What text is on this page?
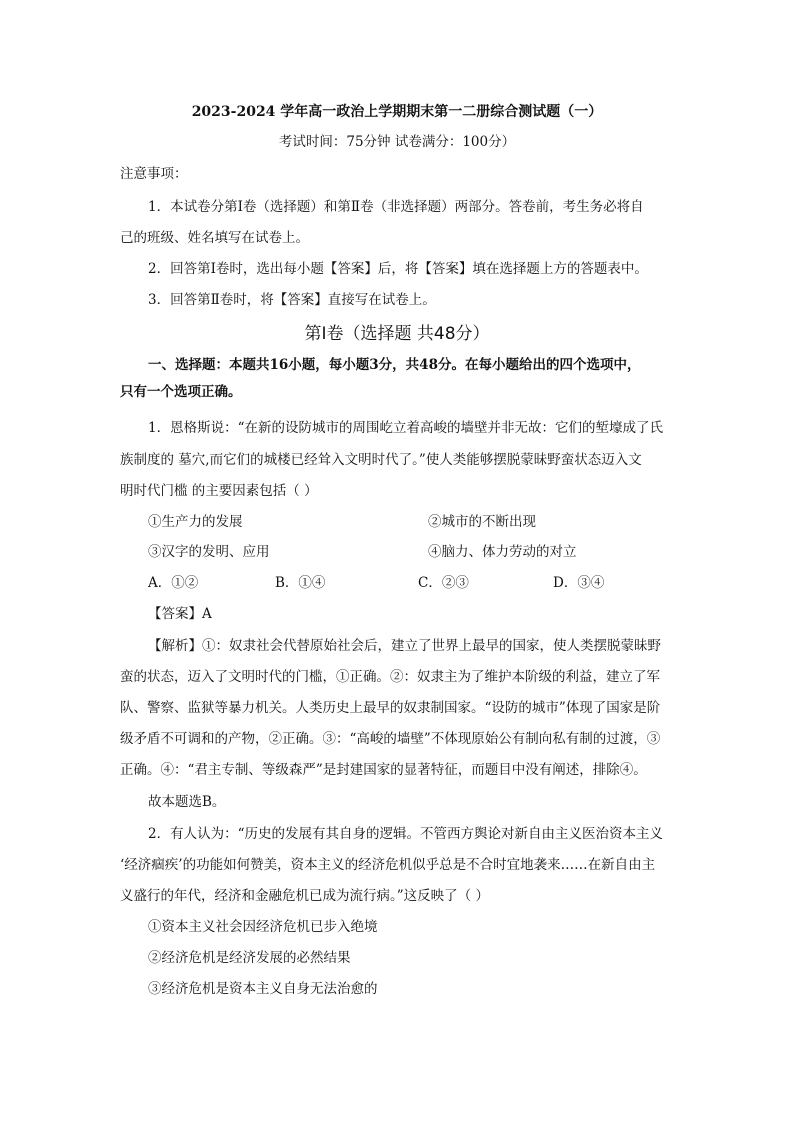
2023-2024 学年高一政治上学期期末第一二册综合测试题（一）
考试时间：75分钟 试卷满分：100分）
注意事项：
1．本试卷分第Ⅰ卷（选择题）和第Ⅱ卷（非选择题）两部分。答卷前，考生务必将自
己的班级、姓名填写在试卷上。
2．回答第Ⅰ卷时，选出每小题【答案】后，将【答案】填在选择题上方的答题表中。
3．回答第Ⅱ卷时，将【答案】直接写在试卷上。
第Ⅰ卷（选择题 共48分）
一、选择题：本题共16小题，每小题3分，共48分。在每小题给出的四个选项中，
只有一个选项正确。
1．恩格斯说：“在新的设防城市的周围屹立着高峻的墙壁并非无故：它们的堑壕成了氏
族制度的 墓穴,而它们的城楼已经耸入文明时代了。”使人类能够摆脱蒙昧野蛮状态迈入文
明时代门槛 的主要因素包括（ ）
①生产力的发展	②城市的不断出现
③汉字的发明、应用	④脑力、体力劳动的对立
A．①②	B．①④	C．②③	D．③④
【答案】A
【解析】①：奴隶社会代替原始社会后，建立了世界上最早的国家，使人类摆脱蒙昧野
蛮的状态，迈入了文明时代的门槛，①正确。②：奴隶主为了维护本阶级的利益，建立了军
队、警察、监狱等暴力机关。人类历史上最早的奴隶制国家。“设防的城市”体现了国家是阶
级矛盾不可调和的产物，②正确。③：“高峻的墙壁”不体现原始公有制向私有制的过渡，③
正确。④：“君主专制、等级森严”是封建国家的显著特征，而题目中没有阐述，排除④。
故本题选B。
2．有人认为：“历史的发展有其自身的逻辑。不管西方舆论对新自由主义医治资本主义
‘经济痼疾’的功能如何赞美，资本主义的经济危机似乎总是不合时宜地袭来……在新自由主
义盛行的年代，经济和金融危机已成为流行病。”这反映了（ ）
①资本主义社会因经济危机已步入绝境
②经济危机是经济发展的必然结果
③经济危机是资本主义自身无法治愈的
